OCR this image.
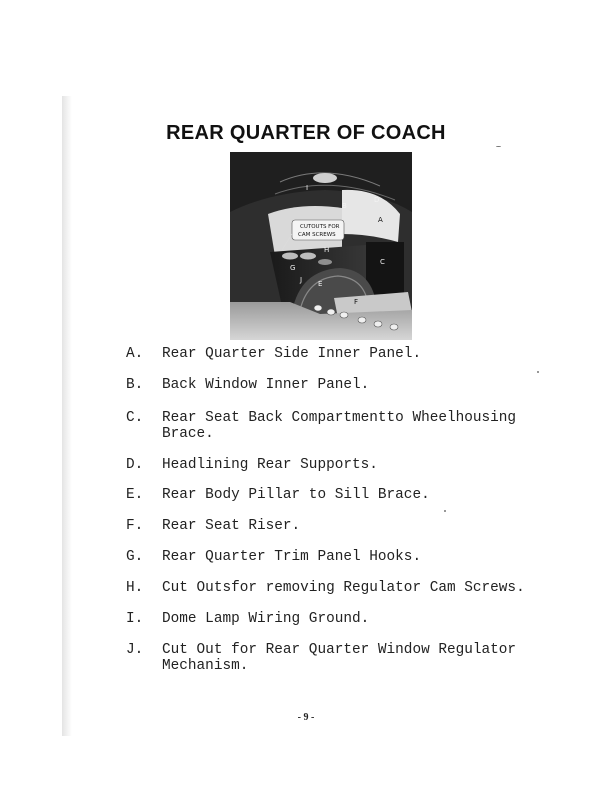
REAR QUARTER OF COACH
CUTOUTS FOR
CAM SCREWS
I
B
D
A
C
E
F
G
H
J
A. Rear Quarter Side Inner Panel.
B. Back Window Inner Panel.
C. Rear Seat Back Compartmentto Wheelhousing
Brace.
D. Headlining Rear Supports.
E. Rear Body Pillar to Sill Brace.
F. Rear Seat Riser.
G. Rear Quarter Trim Panel Hooks.
H. Cut Outsfor removing Regulator Cam Screws.
I. Dome Lamp Wiring Ground.
J. Cut Out for Rear Quarter Window Regulator
Mechanism.
- 9 -
